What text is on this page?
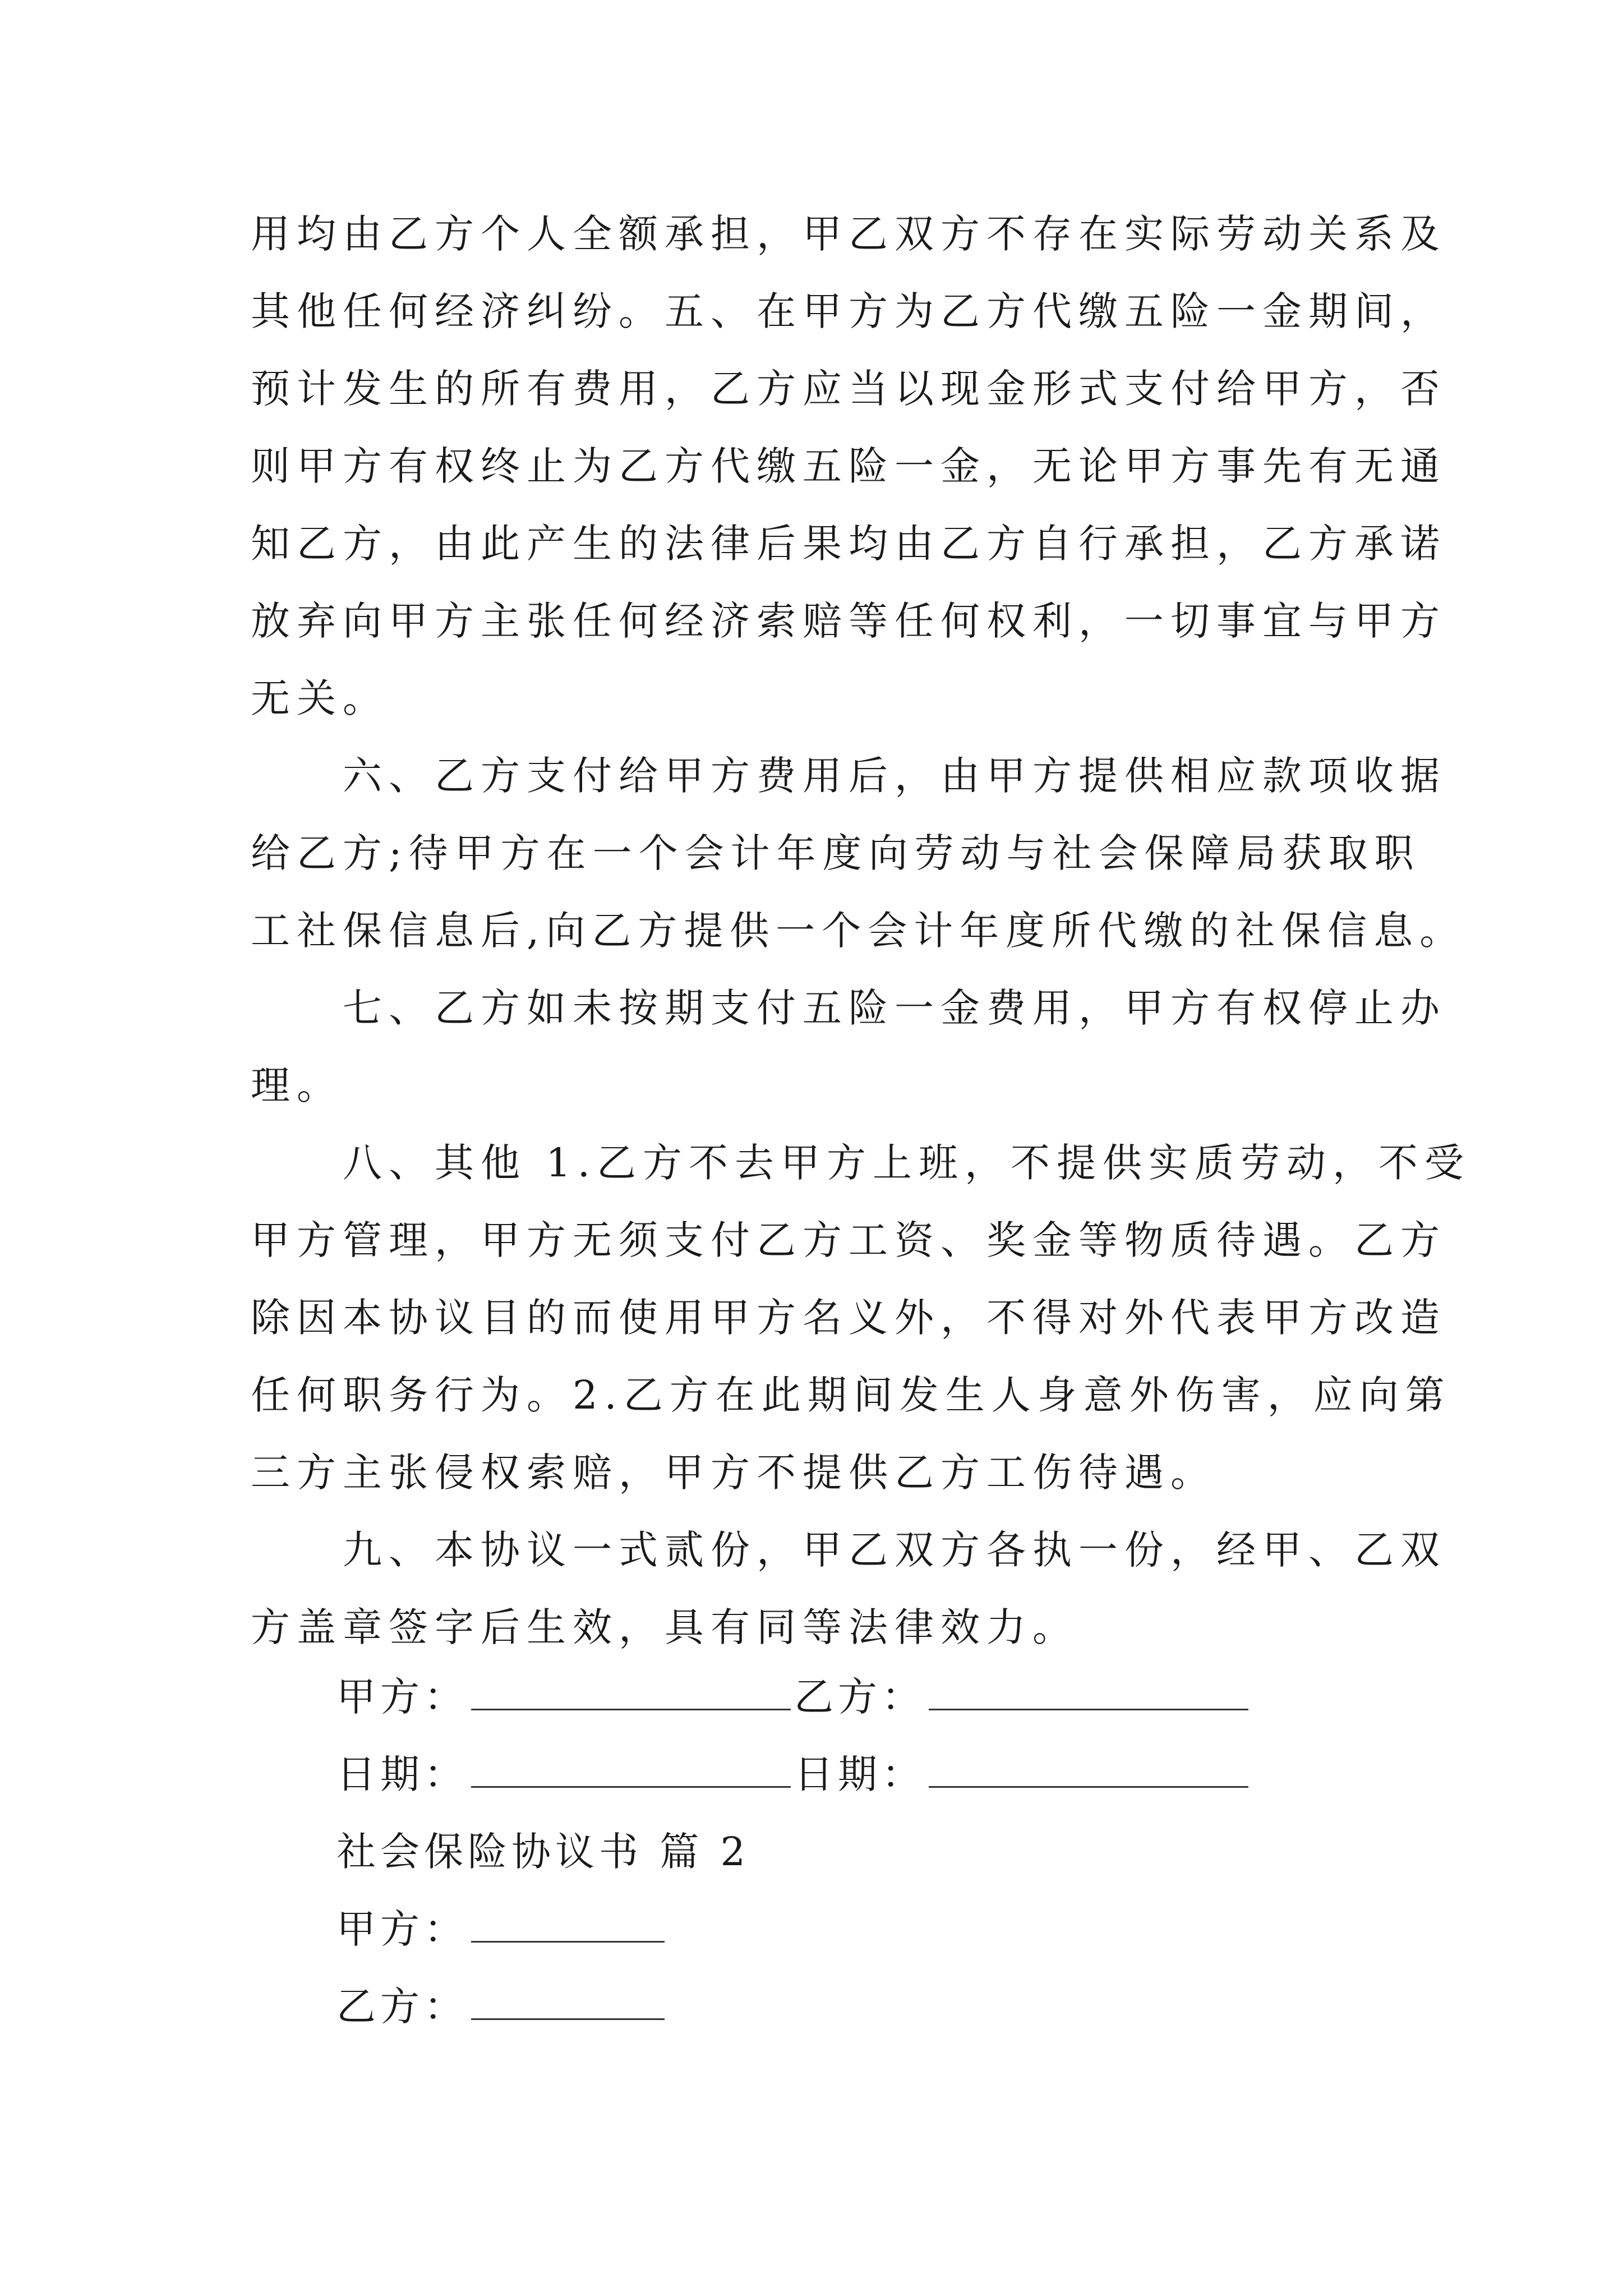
用均由乙方个人全额承担，甲乙双方不存在实际劳动关系及
其他任何经济纠纷。五、在甲方为乙方代缴五险一金期间，
预计发生的所有费用，乙方应当以现金形式支付给甲方，否
则甲方有权终止为乙方代缴五险一金，无论甲方事先有无通
知乙方，由此产生的法律后果均由乙方自行承担，乙方承诺
放弃向甲方主张任何经济索赔等任何权利，一切事宜与甲方
无关。
　　六、乙方支付给甲方费用后，由甲方提供相应款项收据
给乙方;待甲方在一个会计年度向劳动与社会保障局获取职
工社保信息后,向乙方提供一个会计年度所代缴的社保信息。
　　七、乙方如未按期支付五险一金费用，甲方有权停止办
理。
　　八、其他 1.乙方不去甲方上班，不提供实质劳动，不受
甲方管理，甲方无须支付乙方工资、奖金等物质待遇。乙方
除因本协议目的而使用甲方名义外，不得对外代表甲方改造
任何职务行为。2.乙方在此期间发生人身意外伤害，应向第
三方主张侵权索赔，甲方不提供乙方工伤待遇。
　　九、本协议一式贰份，甲乙双方各执一份，经甲、乙双
方盖章签字后生效，具有同等法律效力。
甲方：	乙方：
日期：	日期：
社会保险协议书 篇 2
甲方：
乙方：
